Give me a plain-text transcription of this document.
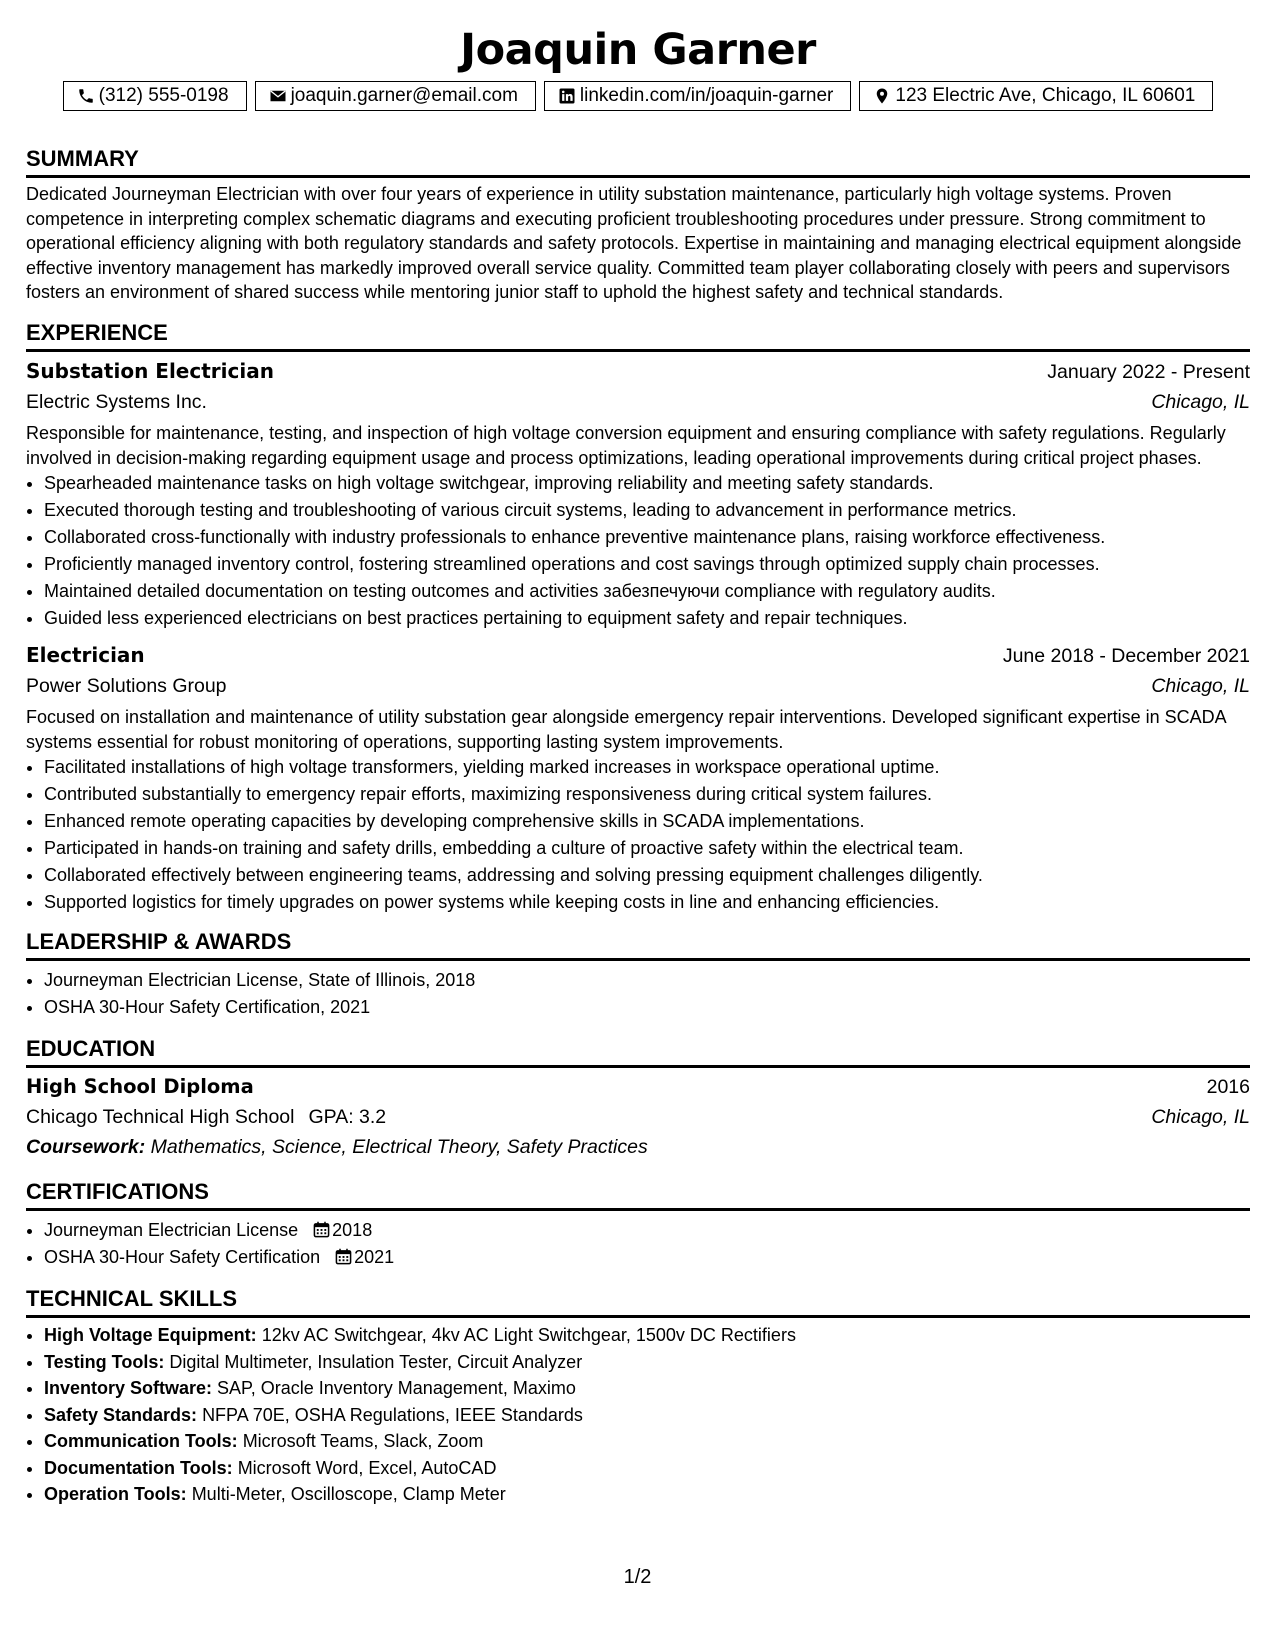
Joaquin Garner
(312) 555-0198	joaquin.garner@email.com	linkedin.com/in/joaquin-garner	123 Electric Ave, Chicago, IL 60601
SUMMARY

Dedicated Journeyman Electrician with over four years of experience in utility substation maintenance, particularly high voltage systems. Proven competence in interpreting complex schematic diagrams and executing proficient troubleshooting procedures under pressure. Strong commitment to operational efficiency aligning with both regulatory standards and safety protocols. Expertise in maintaining and managing electrical equipment alongside effective inventory management has markedly improved overall service quality. Committed team player collaborating closely with peers and supervisors fosters an environment of shared success while mentoring junior staff to uphold the highest safety and technical standards.

EXPERIENCE
Substation Electrician	January 2022 - Present
Electric Systems Inc.	Chicago, IL

Responsible for maintenance, testing, and inspection of high voltage conversion equipment and ensuring compliance with safety regulations. Regularly involved in decision-making regarding equipment usage and process optimizations, leading operational improvements during critical project phases.

• Spearheaded maintenance tasks on high voltage switchgear, improving reliability and meeting safety standards.
• Executed thorough testing and troubleshooting of various circuit systems, leading to advancement in performance metrics.
• Collaborated cross-functionally with industry professionals to enhance preventive maintenance plans, raising workforce effectiveness.
• Proficiently managed inventory control, fostering streamlined operations and cost savings through optimized supply chain processes.
• Maintained detailed documentation on testing outcomes and activities забезпечуючи compliance with regulatory audits.
• Guided less experienced electricians on best practices pertaining to equipment safety and repair techniques.
Electrician	June 2018 - December 2021
Power Solutions Group	Chicago, IL

Focused on installation and maintenance of utility substation gear alongside emergency repair interventions. Developed significant expertise in SCADA systems essential for robust monitoring of operations, supporting lasting system improvements.

• Facilitated installations of high voltage transformers, yielding marked increases in workspace operational uptime.
• Contributed substantially to emergency repair efforts, maximizing responsiveness during critical system failures.
• Enhanced remote operating capacities by developing comprehensive skills in SCADA implementations.
• Participated in hands-on training and safety drills, embedding a culture of proactive safety within the electrical team.
• Collaborated effectively between engineering teams, addressing and solving pressing equipment challenges diligently.
• Supported logistics for timely upgrades on power systems while keeping costs in line and enhancing efficiencies.
LEADERSHIP & AWARDS
• Journeyman Electrician License, State of Illinois, 2018
• OSHA 30-Hour Safety Certification, 2021
EDUCATION
High School Diploma	2016
Chicago Technical High School GPA: 3.2	Chicago, IL
Coursework: Mathematics, Science, Electrical Theory, Safety Practices
CERTIFICATIONS
• Journeyman Electrician License 2018
• OSHA 30-Hour Safety Certification 2021
TECHNICAL SKILLS
• High Voltage Equipment: 12kv AC Switchgear, 4kv AC Light Switchgear, 1500v DC Rectifiers
• Testing Tools: Digital Multimeter, Insulation Tester, Circuit Analyzer
• Inventory Software: SAP, Oracle Inventory Management, Maximo
• Safety Standards: NFPA 70E, OSHA Regulations, IEEE Standards
• Communication Tools: Microsoft Teams, Slack, Zoom
• Documentation Tools: Microsoft Word, Excel, AutoCAD
• Operation Tools: Multi-Meter, Oscilloscope, Clamp Meter
1/2
